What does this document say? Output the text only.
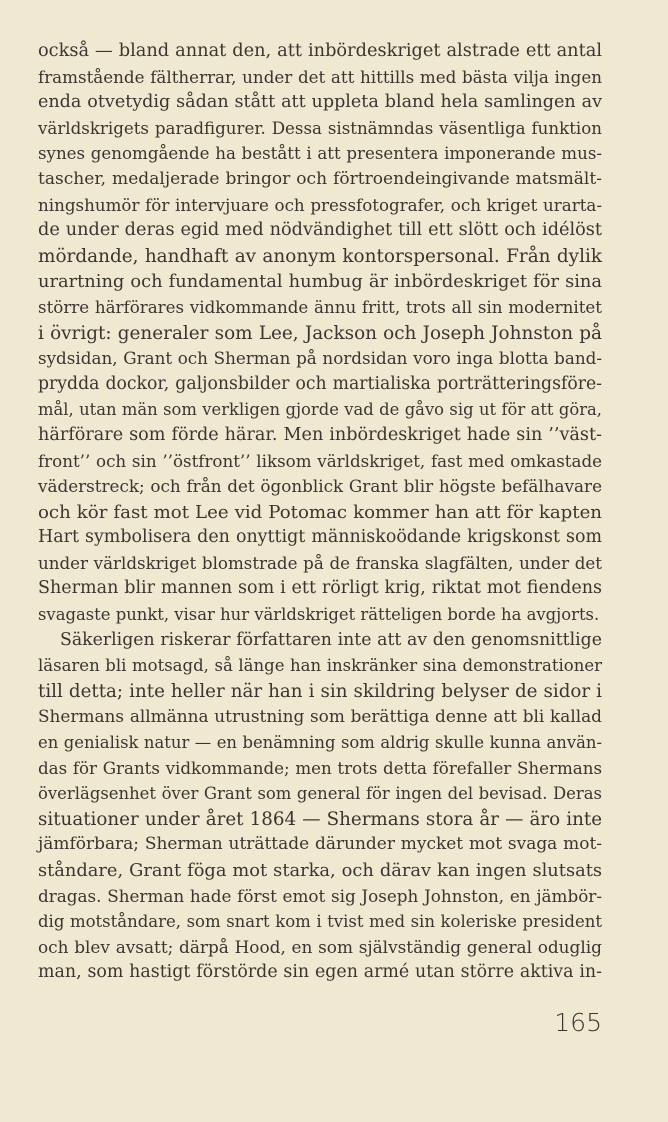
också — bland annat den, att inbördeskriget alstrade ett antal
framstående fältherrar, under det att hittills med bästa vilja ingen
enda otvetydig sådan stått att uppleta bland hela samlingen av
världskrigets paradfigurer. Dessa sistnämndas väsentliga funktion
synes genomgående ha bestått i att presentera imponerande mus-
tascher, medaljerade bringor och förtroendeingivande matsmält-
ningshumör för intervjuare och pressfotografer, och kriget urarta-
de under deras egid med nödvändighet till ett slött och idélöst
mördande, handhaft av anonym kontorspersonal. Från dylik
urartning och fundamental humbug är inbördeskriget för sina
större härförares vidkommande ännu fritt, trots all sin modernitet
i övrigt: generaler som Lee, Jackson och Joseph Johnston på
sydsidan, Grant och Sherman på nordsidan voro inga blotta band-
prydda dockor, galjonsbilder och martialiska porträtteringsföre-
mål, utan män som verkligen gjorde vad de gåvo sig ut för att göra,
härförare som förde härar. Men inbördeskriget hade sin ’’väst-
front’’ och sin ’’östfront’’ liksom världskriget, fast med omkastade
väderstreck; och från det ögonblick Grant blir högste befälhavare
och kör fast mot Lee vid Potomac kommer han att för kapten
Hart symbolisera den onyttigt människoödande krigskonst som
under världskriget blomstrade på de franska slagfälten, under det
Sherman blir mannen som i ett rörligt krig, riktat mot fiendens
svagaste punkt, visar hur världskriget rätteligen borde ha avgjorts.
Säkerligen riskerar författaren inte att av den genomsnittlige
läsaren bli motsagd, så länge han inskränker sina demonstrationer
till detta; inte heller när han i sin skildring belyser de sidor i
Shermans allmänna utrustning som berättiga denne att bli kallad
en genialisk natur — en benämning som aldrig skulle kunna använ-
das för Grants vidkommande; men trots detta förefaller Shermans
överlägsenhet över Grant som general för ingen del bevisad. Deras
situationer under året 1864 — Shermans stora år — äro inte
jämförbara; Sherman uträttade därunder mycket mot svaga mot-
ståndare, Grant föga mot starka, och därav kan ingen slutsats
dragas. Sherman hade först emot sig Joseph Johnston, en jämbör-
dig motståndare, som snart kom i tvist med sin koleriske president
och blev avsatt; därpå Hood, en som självständig general oduglig
man, som hastigt förstörde sin egen armé utan större aktiva in-
165
